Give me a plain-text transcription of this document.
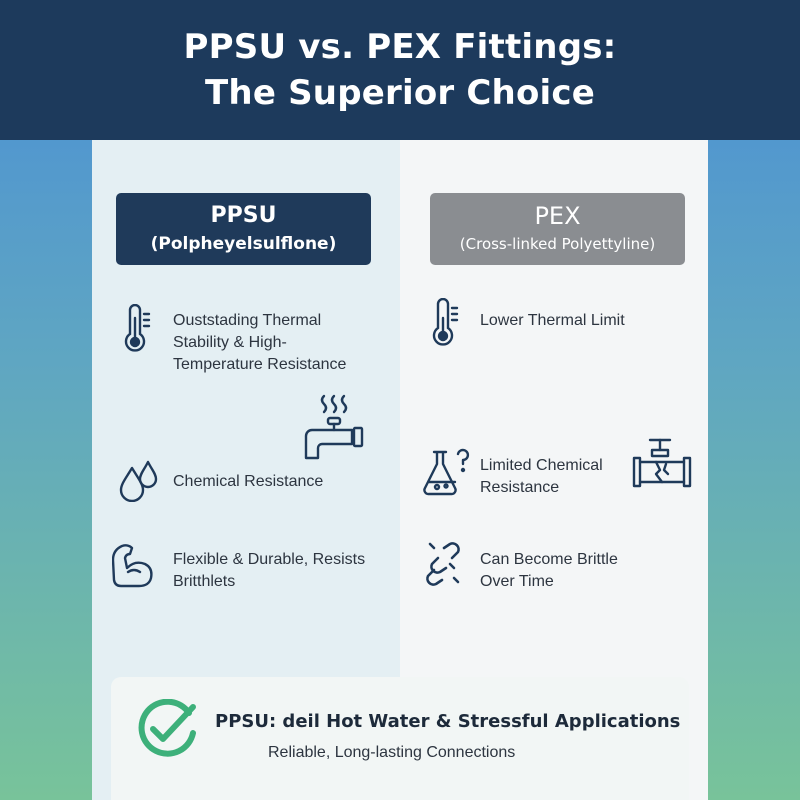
PPSU vs. PEX Fittings:
The Superior Choice
PPSU
(Polpheyelsulflone)
PEX
(Cross-linked Polyettyline)
Ouststading Thermal
Stability & High-
Temperature Resistance
Chemical Resistance
Flexible & Durable, Resists
Britthlets
Lower Thermal Limit
Limited Chemical
Resistance
Can Become Brittle
Over Time
PPSU: deil Hot Water & Stressful Applications
Reliable, Long-lasting Connections
